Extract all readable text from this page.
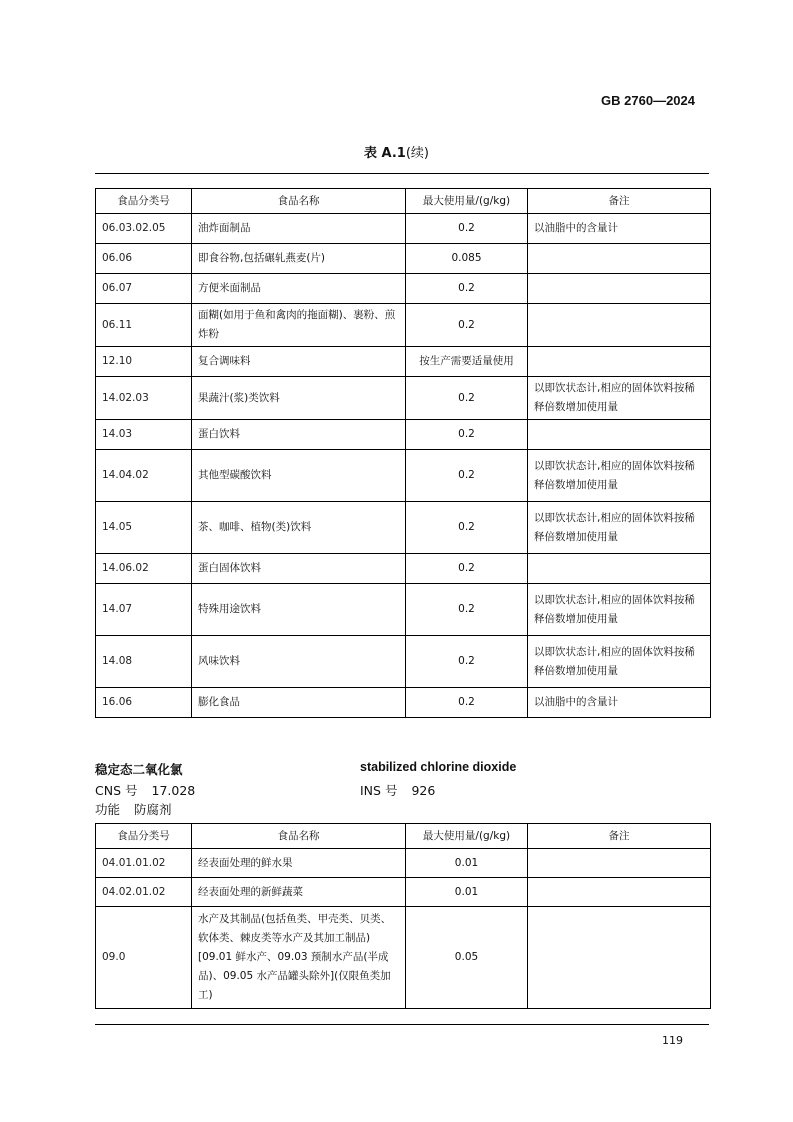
GB 2760—2024
表 A.1(续)
食品分类号	食品名称	最大使用量/(g/kg)	备注
06.03.02.05	油炸面制品	0.2	以油脂中的含量计
06.06	即食谷物,包括碾轧燕麦(片)	0.085	
06.07	方便米面制品	0.2	
06.11	面糊(如用于鱼和禽肉的拖面糊)、裹粉、煎炸粉	0.2	
12.10	复合调味料	按生产需要适量使用	
14.02.03	果蔬汁(浆)类饮料	0.2	以即饮状态计,相应的固体饮料按稀释倍数增加使用量
14.03	蛋白饮料	0.2	
14.04.02	其他型碳酸饮料	0.2	以即饮状态计,相应的固体饮料按稀释倍数增加使用量
14.05	茶、咖啡、植物(类)饮料	0.2	以即饮状态计,相应的固体饮料按稀释倍数增加使用量
14.06.02	蛋白固体饮料	0.2	
14.07	特殊用途饮料	0.2	以即饮状态计,相应的固体饮料按稀释倍数增加使用量
14.08	风味饮料	0.2	以即饮状态计,相应的固体饮料按稀释倍数增加使用量
16.06	膨化食品	0.2	以油脂中的含量计
稳定态二氧化氯	stabilized chlorine dioxide
CNS 号 17.028	INS 号 926
功能 防腐剂
食品分类号	食品名称	最大使用量/(g/kg)	备注
04.01.01.02	经表面处理的鲜水果	0.01	
04.02.01.02	经表面处理的新鲜蔬菜	0.01	
09.0	水产及其制品(包括鱼类、甲壳类、贝类、软体类、棘皮类等水产及其加工制品)[09.01 鲜水产、09.03 预制水产品(半成品)、09.05 水产品罐头除外](仅限鱼类加工)	0.05	
119
